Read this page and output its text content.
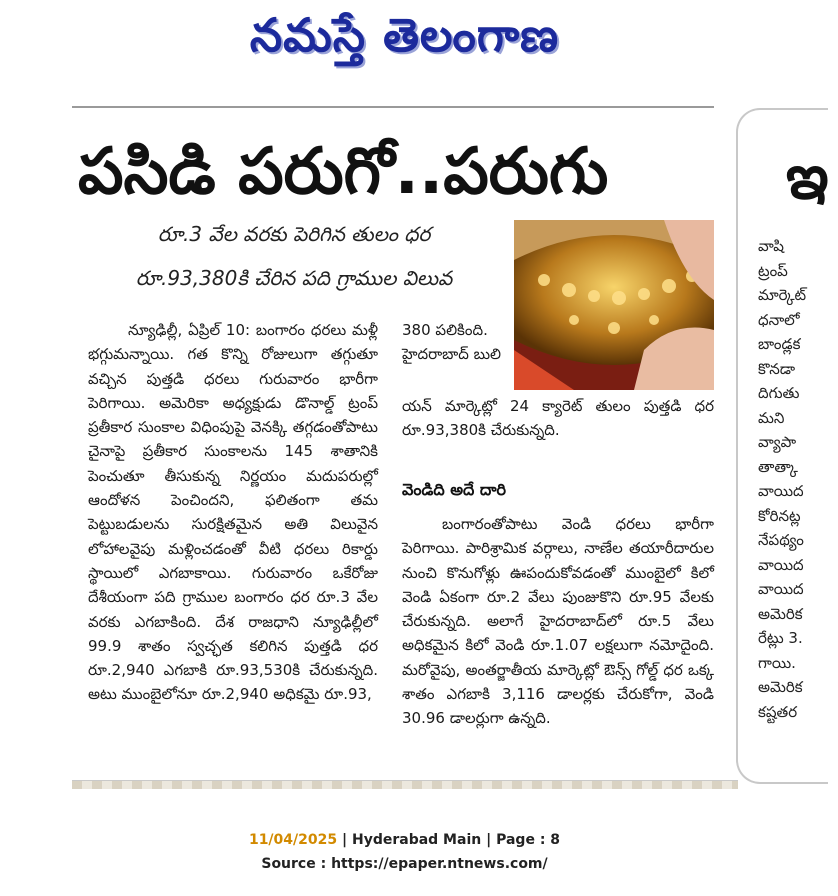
నమస్తే తెలంగాణ
ఇ
వాషి
ట్రంప్
మార్కెట్
ధనాలో
బాండ్లక
కొనడా
దిగుతు
మని
వ్యాపా
తాత్కా
వాయిద
కోరినట్ల
నేపథ్యం
వాయిద
వాయిద
అమెరిక
రేట్లు 3.
గాయి.
అమెరిక
కష్టతర
పసిడి పరుగో..పరుగు
రూ.3 వేల వరకు పెరిగిన తులం ధర
రూ.93,380కి చేరిన పది గ్రాముల విలువ
న్యూఢిల్లీ, ఏప్రిల్ 10: బంగారం ధరలు మళ్లీ భగ్గుమన్నాయి. గత కొన్ని రోజులుగా తగ్గుతూ వచ్చిన పుత్తడి ధరలు గురువారం భారీగా పెరిగాయి. అమెరికా అధ్యక్షుడు డొనాల్డ్ ట్రంప్ ప్రతీకార సుంకాల విధింపుపై వెనక్కి తగ్గడంతోపాటు చైనాపై ప్రతీకార సుంకాలను 145 శాతానికి పెంచుతూ తీసుకున్న నిర్ణయం మదుపరుల్లో ఆందోళన పెంచిందని, ఫలితంగా తమ పెట్టుబడులను సురక్షితమైన అతి విలువైన లోహాలవైపు మళ్లించడంతో వీటి ధరలు రికార్డు స్థాయిలో ఎగబాకాయి. గురువారం ఒకేరోజు దేశీయంగా పది గ్రాముల బంగారం ధర రూ.3 వేల వరకు ఎగబాకింది. దేశ రాజధాని న్యూఢిల్లీలో 99.9 శాతం స్వచ్ఛత కలిగిన పుత్తడి ధర రూ.2,940 ఎగబాకి రూ.93,530కి చేరుకున్నది. అటు ముంబైలోనూ రూ.2,940 అధికమై రూ.93,
380 పలికింది. హైదరాబాద్ బులి
యన్ మార్కెట్లో 24 క్యారెట్ తులం పుత్తడి ధర రూ.93,380కి చేరుకున్నది.
వెండిది అదే దారి
బంగారంతోపాటు వెండి ధరలు భారీగా పెరిగాయి. పారిశ్రామిక వర్గాలు, నాణేల తయారీదారుల నుంచి కొనుగోళ్లు ఊపందుకోవడంతో ముంబైలో కిలో వెండి ఏకంగా రూ.2 వేలు పుంజుకొని రూ.95 వేలకు చేరుకున్నది. అలాగే హైదరాబాద్‌లో రూ.5 వేలు అధికమైన కిలో వెండి రూ.1.07 లక్షలుగా నమోదైంది. మరోవైపు, అంతర్జాతీయ మార్కెట్లో ఔన్స్ గోల్డ్ ధర ఒక్క శాతం ఎగబాకి 3,116 డాలర్లకు చేరుకోగా, వెండి 30.96 డాలర్లుగా ఉన్నది.
11/04/2025 | Hyderabad Main | Page : 8
Source : https://epaper.ntnews.com/
